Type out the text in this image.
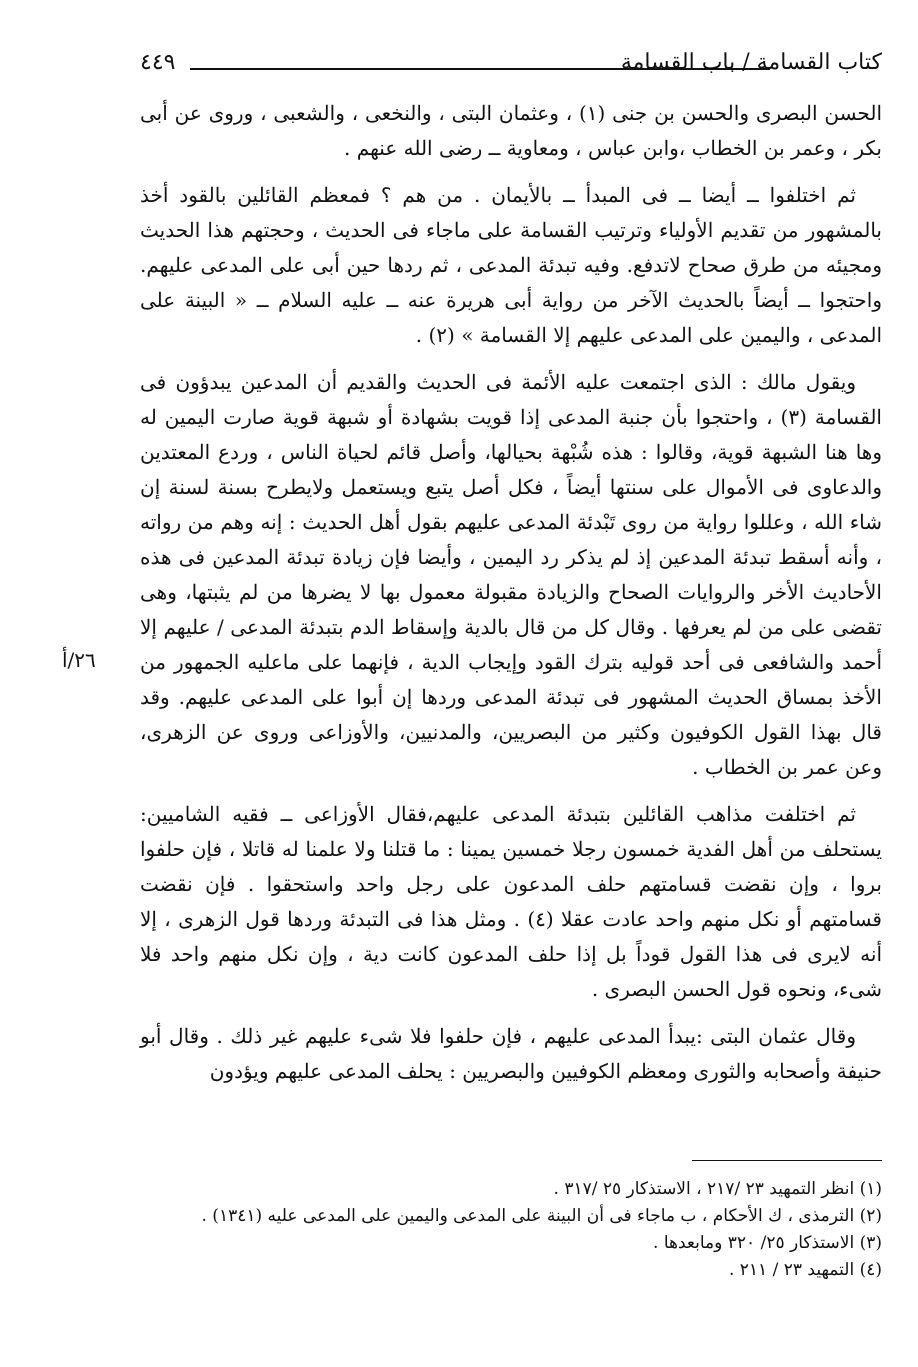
٤٤٩	كتاب القسامة / باب القسامة
٢٦/أ

الحسن البصرى والحسن بن جنى (١) ، وعثمان البتى ، والنخعى ، والشعبى ، وروى عن أبى بكر ، وعمر بن الخطاب ،وابن عباس ، ومعاوية ــ رضى الله عنهم .

ثم اختلفوا ــ أيضا ــ فى المبدأ ــ بالأيمان . من هم ؟ فمعظم القائلين بالقود أخذ بالمشهور من تقديم الأولياء وترتيب القسامة على ماجاء فى الحديث ، وحجتهم هذا الحديث ومجيئه من طرق صحاح لاتدفع. وفيه تبدئة المدعى ، ثم ردها حين أبى على المدعى عليهم. واحتجوا ــ أيضاً بالحديث الآخر من رواية أبى هريرة عنه ــ عليه السلام ــ « البينة على المدعى ، واليمين على المدعى عليهم إلا القسامة » (٢) .

ويقول مالك : الذى اجتمعت عليه الأئمة فى الحديث والقديم أن المدعين يبدؤون فى القسامة (٣) ، واحتجوا بأن جنبة المدعى إذا قويت بشهادة أو شبهة قوية صارت اليمين له وها هنا الشبهة قوية، وقالوا : هذه شُبْهة بحيالها، وأصل قائم لحياة الناس ، وردع المعتدين والدعاوى فى الأموال على سنتها أيضاً ، فكل أصل يتبع ويستعمل ولايطرح بسنة لسنة إن شاء الله ، وعللوا رواية من روى تَبْدئة المدعى عليهم بقول أهل الحديث : إنه وهم من رواته ، وأنه أسقط تبدئة المدعين إذ لم يذكر رد اليمين ، وأيضا فإن زيادة تبدئة المدعين فى هذه الأحاديث الأخر والروايات الصحاح والزيادة مقبولة معمول بها لا يضرها من لم يثبتها، وهى تقضى على من لم يعرفها . وقال كل من قال بالدية وإسقاط الدم بتبدئة المدعى / عليهم إلا أحمد والشافعى فى أحد قوليه بترك القود وإيجاب الدية ، فإنهما على ماعليه الجمهور من الأخذ بمساق الحديث المشهور فى تبدئة المدعى وردها إن أبوا على المدعى عليهم. وقد قال بهذا القول الكوفيون وكثير من البصريين، والمدنيين، والأوزاعى وروى عن الزهرى، وعن عمر بن الخطاب .

ثم اختلفت مذاهب القائلين بتبدئة المدعى عليهم،فقال الأوزاعى ــ فقيه الشاميين: يستحلف من أهل الفدية خمسون رجلا خمسين يمينا : ما قتلنا ولا علمنا له قاتلا ، فإن حلفوا بروا ، وإن نقضت قسامتهم حلف المدعون على رجل واحد واستحقوا . فإن نقضت قسامتهم أو نكل منهم واحد عادت عقلا (٤) . ومثل هذا فى التبدئة وردها قول الزهرى ، إلا أنه لايرى فى هذا القول قوداً بل إذا حلف المدعون كانت دية ، وإن نكل منهم واحد فلا شىء، ونحوه قول الحسن البصرى .

وقال عثمان البتى :يبدأ المدعى عليهم ، فإن حلفوا فلا شىء عليهم غير ذلك . وقال أبو حنيفة وأصحابه والثورى ومعظم الكوفيين والبصريين : يحلف المدعى عليهم ويؤدون

(١) انظر التمهيد ٢٣ /٢١٧ ، الاستذكار ٢٥ /٣١٧ .

(٢) الترمذى ، ك الأحكام ، ب ماجاء فى أن البينة على المدعى واليمين على المدعى عليه (١٣٤١) .

(٣) الاستذكار ٢٥/ ٣٢٠ ومابعدها .

(٤) التمهيد ٢٣ / ٢١١ .
